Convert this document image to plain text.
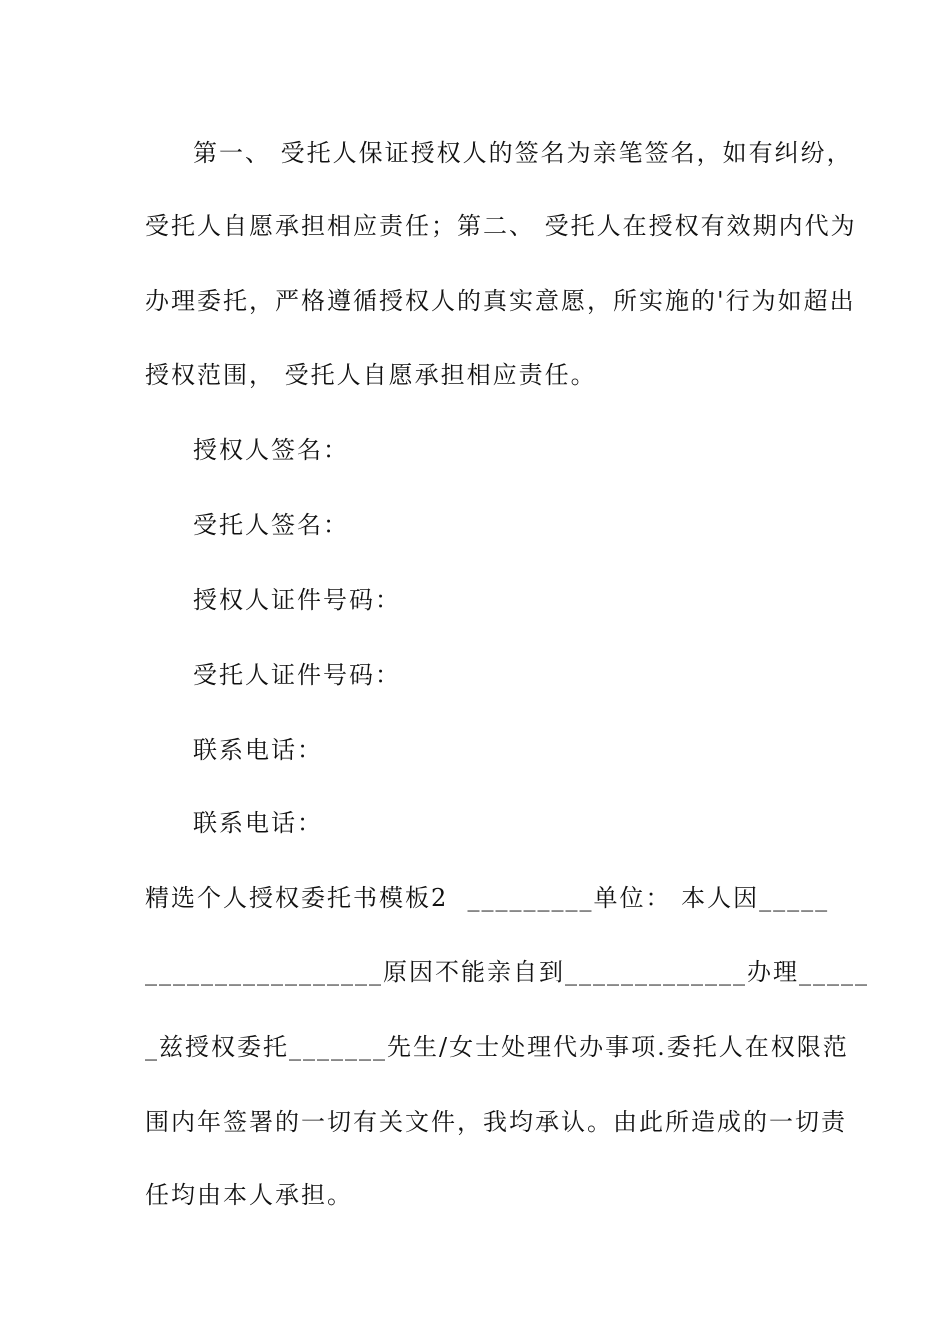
第一、 受托人保证授权人的签名为亲笔签名，如有纠纷，
受托人自愿承担相应责任；第二、 受托人在授权有效期内代为
办理委托，严格遵循授权人的真实意愿，所实施的'行为如超出
授权范围， 受托人自愿承担相应责任。
授权人签名：
受托人签名：
授权人证件号码：
受托人证件号码：
联系电话：
联系电话：
精选个人授权委托书模板2  _________单位： 本人因_____
_________________原因不能亲自到_____________办理_____
_兹授权委托_______先生/女士处理代办事项.委托人在权限范
围内年签署的一切有关文件，我均承认。由此所造成的一切责
任均由本人承担。
